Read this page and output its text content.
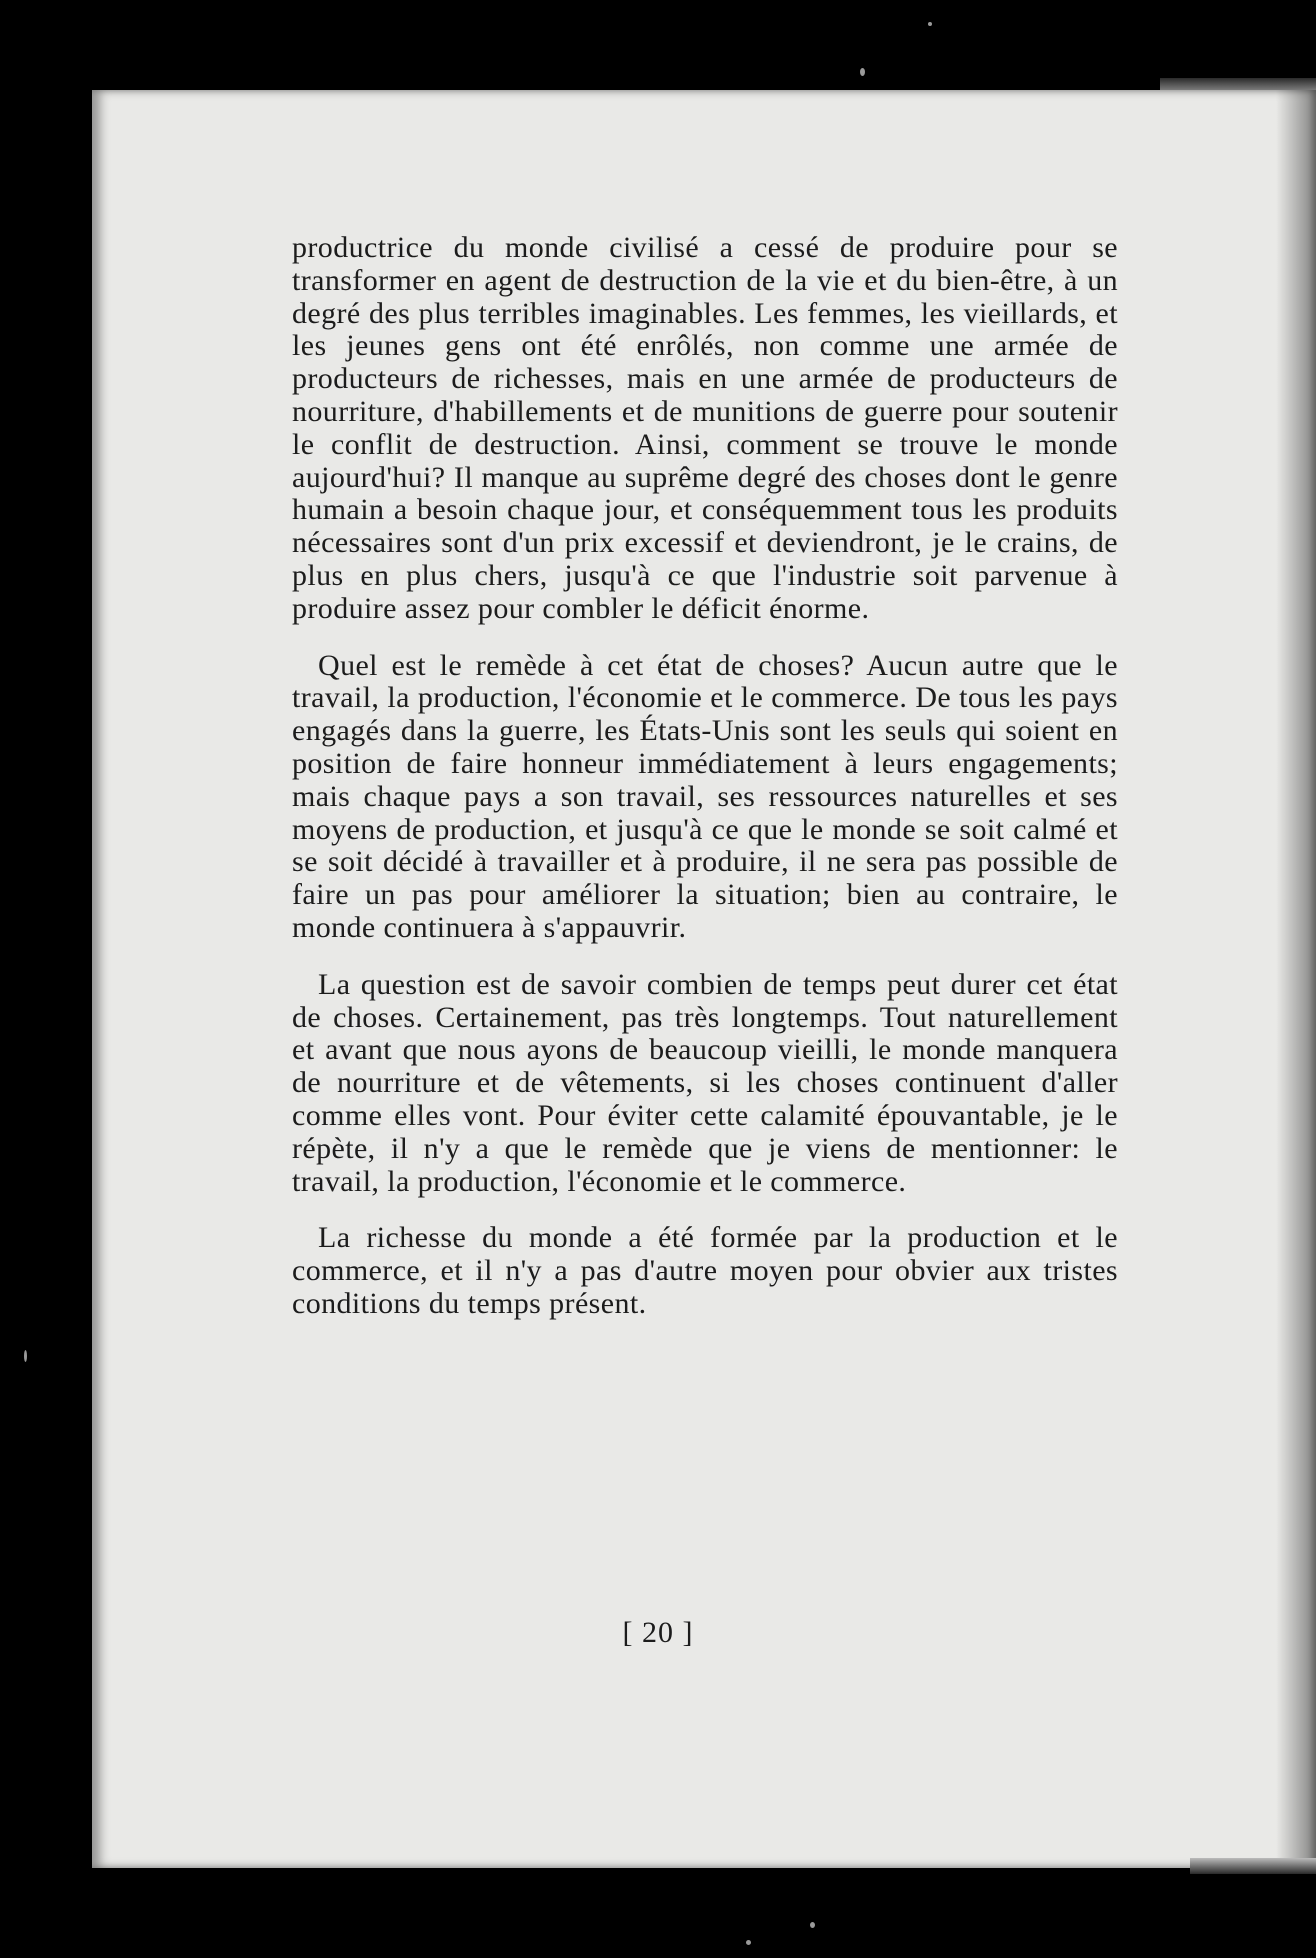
productrice du monde civilisé a cessé de produire pour se transformer en agent de destruction de la vie et du bien-être, à un degré des plus terribles imaginables. Les femmes, les vieillards, et les jeunes gens ont été enrôlés, non comme une armée de producteurs de richesses, mais en une armée de producteurs de nourriture, d'habillements et de munitions de guerre pour soutenir le conflit de destruction. Ainsi, comment se trouve le monde aujourd'hui? Il manque au suprême degré des choses dont le genre humain a besoin chaque jour, et conséquemment tous les produits nécessaires sont d'un prix excessif et deviendront, je le crains, de plus en plus chers, jusqu'à ce que l'industrie soit parvenue à produire assez pour combler le déficit énorme.

Quel est le remède à cet état de choses? Aucun autre que le travail, la production, l'économie et le commerce. De tous les pays engagés dans la guerre, les États-Unis sont les seuls qui soient en position de faire honneur immédiatement à leurs engagements; mais chaque pays a son travail, ses ressources naturelles et ses moyens de production, et jusqu'à ce que le monde se soit calmé et se soit décidé à travailler et à produire, il ne sera pas possible de faire un pas pour améliorer la situation; bien au contraire, le monde continuera à s'appauvrir.

La question est de savoir combien de temps peut durer cet état de choses. Certainement, pas très longtemps. Tout naturellement et avant que nous ayons de beaucoup vieilli, le monde manquera de nourriture et de vêtements, si les choses continuent d'aller comme elles vont. Pour éviter cette calamité épouvantable, je le répète, il n'y a que le remède que je viens de mentionner: le travail, la production, l'économie et le commerce.

La richesse du monde a été formée par la production et le commerce, et il n'y a pas d'autre moyen pour obvier aux tristes conditions du temps présent.

[ 20 ]
